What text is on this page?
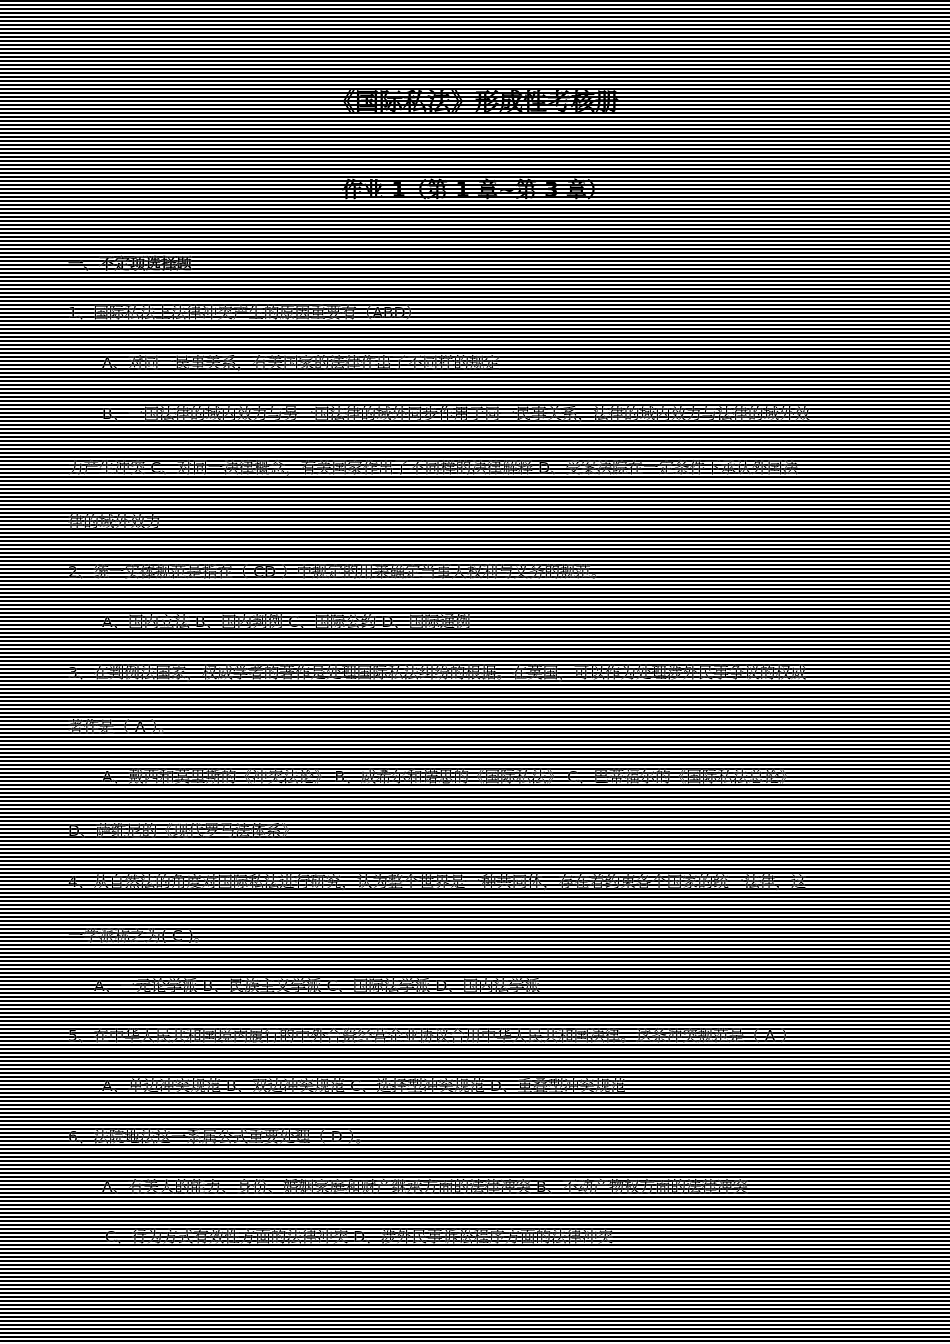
《国际私法》形成性考核册

作业 1（第 1 章~第 3 章）

一、不定项选择题

1、国际私法上法律冲突产生的原因重要有（ABD）

A、对同一民事关系，有关国家的法律作出了不同样的规定

B、一国法律的域内效力与另一国法律的域外同步作用于同一民事关系，法律的域内效力与法律的域外效

力产生冲突 C、对同一法律概念，有关国家作出了不同样的法律解释 D、受案法院在一定条件下承认外国法

律的域外效力

2、统一实体规范是指在（ CD ）中规定的用来确定当事人权利与义务的规范。

A、国内立法 B、国内判例 C、国际公约 D、国际通例

3、在判例法国家，权威学者的著作是处理国际私法纠纷的根据。在英国，可以作为处理涉外民事争议的权威

著作是（ A ）。

A、戴西和莫里斯的《冲突法论》 B、威希尔和诺思的《国际私法》 C、巴蒂福尔的《国际私法总论》

D、萨维尼的《现代罗马法体系》

4、从自然法的角度对国际私法进行研究，认为整个世界是一种共同体，存在着约束各个国家的统一法律，这

一学派称之为( C )。

A、一元论学派 B、民族主义学派 C、国际法学派 D、国内法学派

5、在中华人民共和国境内履行的中外合资经营企业协议合用中华人民共和国法律。这条冲突规范是（ A ）

A、单边冲突规范 B、双边冲突规范 C、选择型冲突规范 D、重叠型冲突规范

6、法院地法这一系属公式重要处理（ D ）。

A、有关人的能力、身份、婚姻家庭和财产继承方面的法律冲突 B、不动产物权方面的法律冲突

C、行为方式有效性方面的法律冲突 D、涉外民事诉讼程序方面的法律冲突
